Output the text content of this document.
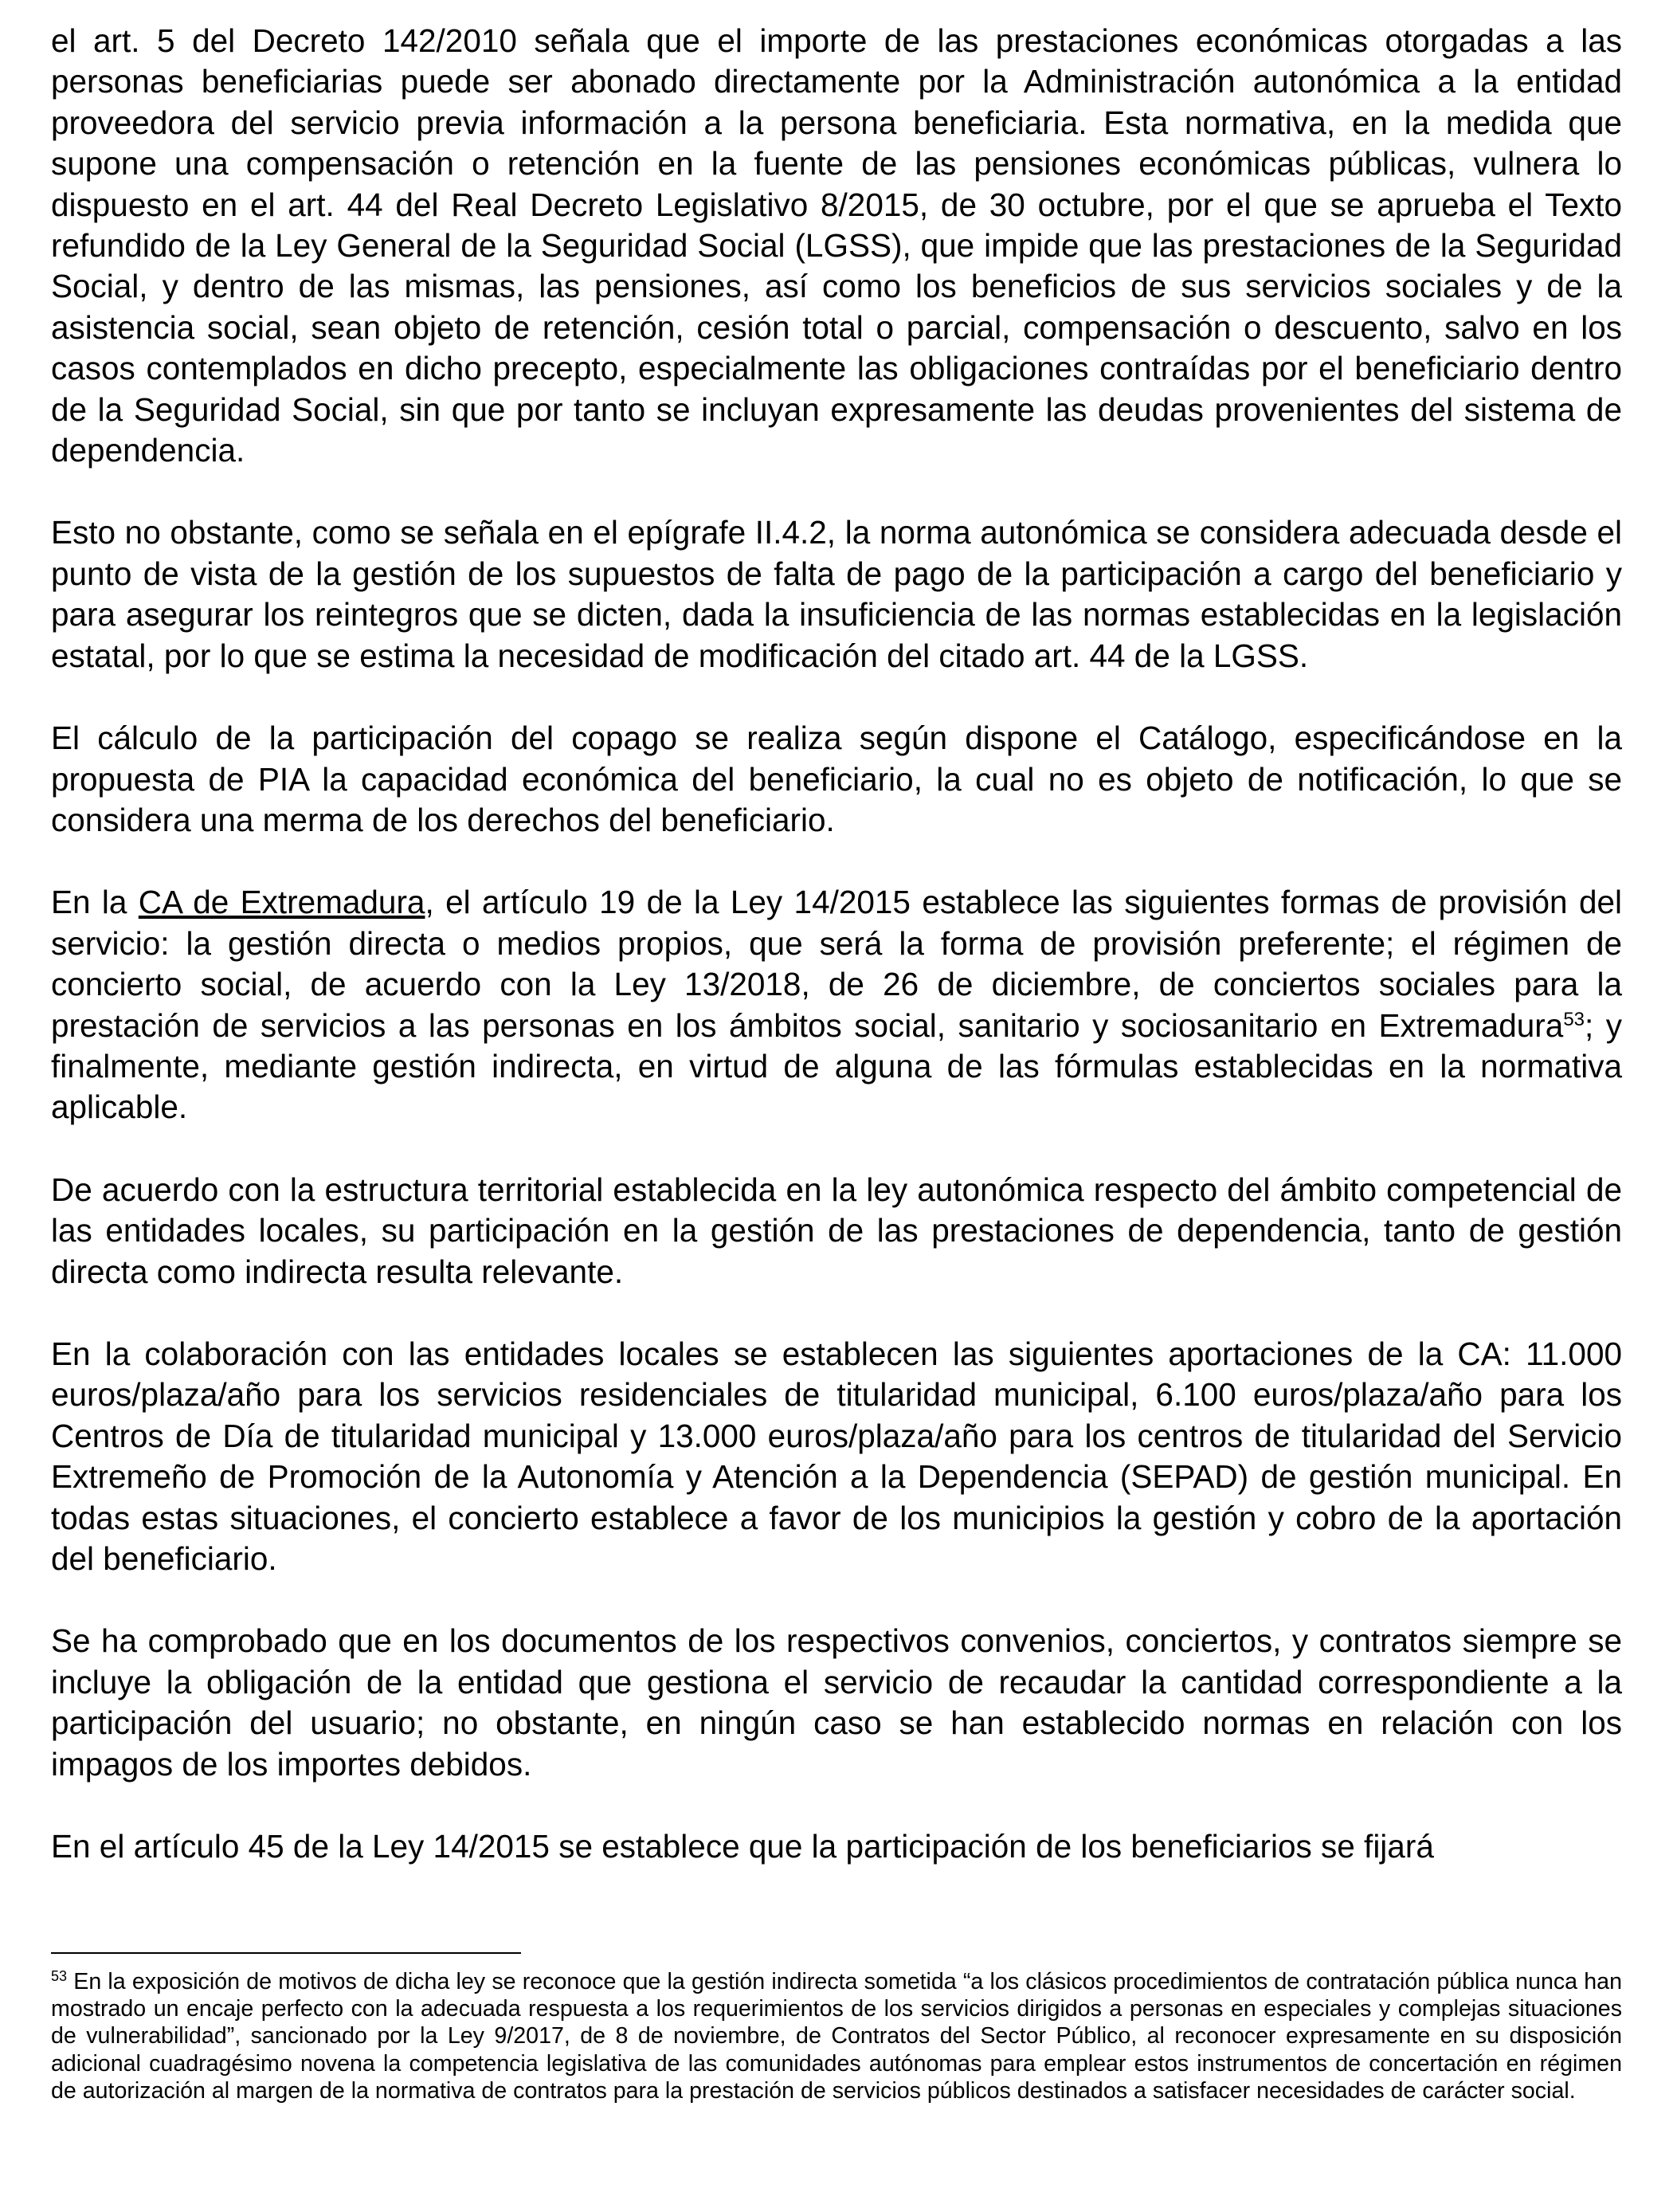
el art. 5 del Decreto 142/2010 señala que el importe de las prestaciones económicas otorgadas a las personas beneficiarias puede ser abonado directamente por la Administración autonómica a la entidad proveedora del servicio previa información a la persona beneficiaria. Esta normativa, en la medida que supone una compensación o retención en la fuente de las pensiones económicas públicas, vulnera lo dispuesto en el art. 44 del Real Decreto Legislativo 8/2015, de 30 octubre, por el que se aprueba el Texto refundido de la Ley General de la Seguridad Social (LGSS), que impide que las prestaciones de la Seguridad Social, y dentro de las mismas, las pensiones, así como los beneficios de sus servicios sociales y de la asistencia social, sean objeto de retención, cesión total o parcial, compensación o descuento, salvo en los casos contemplados en dicho precepto, especialmente las obligaciones contraídas por el beneficiario dentro de la Seguridad Social, sin que por tanto se incluyan expresamente las deudas provenientes del sistema de dependencia.

Esto no obstante, como se señala en el epígrafe II.4.2, la norma autonómica se considera adecuada desde el punto de vista de la gestión de los supuestos de falta de pago de la participación a cargo del beneficiario y para asegurar los reintegros que se dicten, dada la insuficiencia de las normas establecidas en la legislación estatal, por lo que se estima la necesidad de modificación del citado art. 44 de la LGSS.

El cálculo de la participación del copago se realiza según dispone el Catálogo, especificándose en la propuesta de PIA la capacidad económica del beneficiario, la cual no es objeto de notificación, lo que se considera una merma de los derechos del beneficiario.

En la CA de Extremadura, el artículo 19 de la Ley 14/2015 establece las siguientes formas de provisión del servicio: la gestión directa o medios propios, que será la forma de provisión preferente; el régimen de concierto social, de acuerdo con la Ley 13/2018, de 26 de diciembre, de conciertos sociales para la prestación de servicios a las personas en los ámbitos social, sanitario y sociosanitario en Extremadura$^{53}$; y finalmente, mediante gestión indirecta, en virtud de alguna de las fórmulas establecidas en la normativa aplicable.

De acuerdo con la estructura territorial establecida en la ley autonómica respecto del ámbito competencial de las entidades locales, su participación en la gestión de las prestaciones de dependencia, tanto de gestión directa como indirecta resulta relevante.

En la colaboración con las entidades locales se establecen las siguientes aportaciones de la CA: 11.000 euros/plaza/año para los servicios residenciales de titularidad municipal, 6.100 euros/plaza/año para los Centros de Día de titularidad municipal y 13.000 euros/plaza/año para los centros de titularidad del Servicio Extremeño de Promoción de la Autonomía y Atención a la Dependencia (SEPAD) de gestión municipal. En todas estas situaciones, el concierto establece a favor de los municipios la gestión y cobro de la aportación del beneficiario.

Se ha comprobado que en los documentos de los respectivos convenios, conciertos, y contratos siempre se incluye la obligación de la entidad que gestiona el servicio de recaudar la cantidad correspondiente a la participación del usuario; no obstante, en ningún caso se han establecido normas en relación con los impagos de los importes debidos.

En el artículo 45 de la Ley 14/2015 se establece que la participación de los beneficiarios se fijará

$^{53}$ En la exposición de motivos de dicha ley se reconoce que la gestión indirecta sometida “a los clásicos procedimientos de contratación pública nunca han mostrado un encaje perfecto con la adecuada respuesta a los requerimientos de los servicios dirigidos a personas en especiales y complejas situaciones de vulnerabilidad”, sancionado por la Ley 9/2017, de 8 de noviembre, de Contratos del Sector Público, al reconocer expresamente en su disposición adicional cuadragésimo novena la competencia legislativa de las comunidades autónomas para emplear estos instrumentos de concertación en régimen de autorización al margen de la normativa de contratos para la prestación de servicios públicos destinados a satisfacer necesidades de carácter social.
